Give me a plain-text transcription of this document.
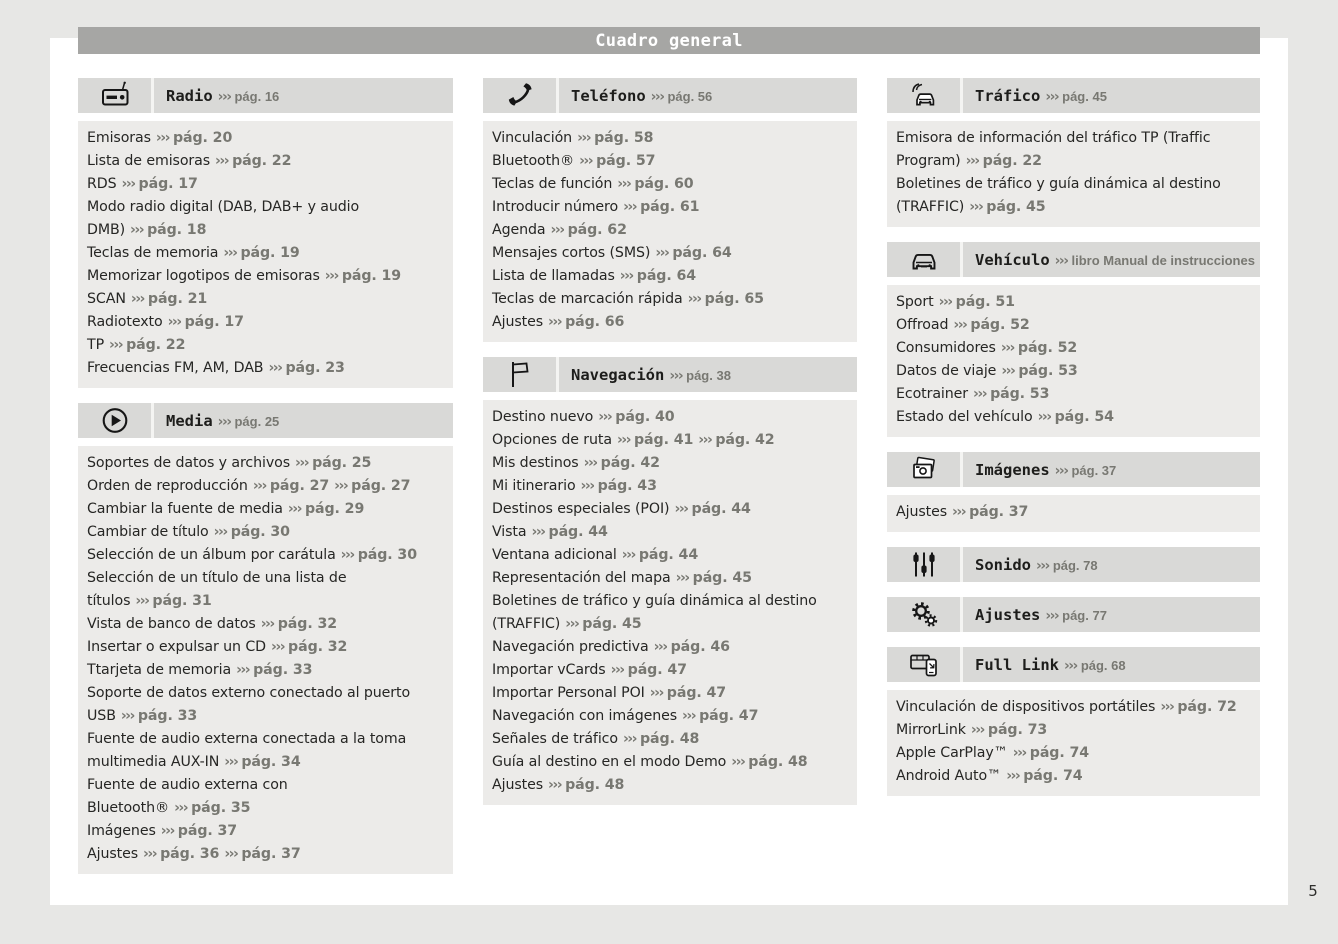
Cuadro general
Radio ››› pág. 16
Emisoras ››› pág. 20
Lista de emisoras ››› pág. 22
RDS ››› pág. 17
Modo radio digital (DAB, DAB+ y audio DMB) ››› pág. 18
Teclas de memoria ››› pág. 19
Memorizar logotipos de emisoras ››› pág. 19
SCAN ››› pág. 21
Radiotexto ››› pág. 17
TP ››› pág. 22
Frecuencias FM, AM, DAB ››› pág. 23
Media ››› pág. 25
Soportes de datos y archivos ››› pág. 25
Orden de reproducción ››› pág. 27 ››› pág. 27
Cambiar la fuente de media ››› pág. 29
Cambiar de título ››› pág. 30
Selección de un álbum por carátula ››› pág. 30
Selección de un título de una lista de títulos ››› pág. 31
Vista de banco de datos ››› pág. 32
Insertar o expulsar un CD ››› pág. 32
Ttarjeta de memoria ››› pág. 33
Soporte de datos externo conectado al puerto USB ››› pág. 33
Fuente de audio externa conectada a la toma multimedia AUX-IN ››› pág. 34
Fuente de audio externa con Bluetooth® ››› pág. 35
Imágenes ››› pág. 37
Ajustes ››› pág. 36 ››› pág. 37
Teléfono ››› pág. 56
Vinculación ››› pág. 58
Bluetooth® ››› pág. 57
Teclas de función ››› pág. 60
Introducir número ››› pág. 61
Agenda ››› pág. 62
Mensajes cortos (SMS) ››› pág. 64
Lista de llamadas ››› pág. 64
Teclas de marcación rápida ››› pág. 65
Ajustes ››› pág. 66
Navegación ››› pág. 38
Destino nuevo ››› pág. 40
Opciones de ruta ››› pág. 41 ››› pág. 42
Mis destinos ››› pág. 42
Mi itinerario ››› pág. 43
Destinos especiales (POI) ››› pág. 44
Vista ››› pág. 44
Ventana adicional ››› pág. 44
Representación del mapa ››› pág. 45
Boletines de tráfico y guía dinámica al destino (TRAFFIC) ››› pág. 45
Navegación predictiva ››› pág. 46
Importar vCards ››› pág. 47
Importar Personal POI ››› pág. 47
Navegación con imágenes ››› pág. 47
Señales de tráfico ››› pág. 48
Guía al destino en el modo Demo ››› pág. 48
Ajustes ››› pág. 48
Tráfico ››› pág. 45
Emisora de información del tráfico TP (Traffic Program) ››› pág. 22
Boletines de tráfico y guía dinámica al destino (TRAFFIC) ››› pág. 45
Vehículo ››› libro Manual de instrucciones
Sport ››› pág. 51
Offroad ››› pág. 52
Consumidores ››› pág. 52
Datos de viaje ››› pág. 53
Ecotrainer ››› pág. 53
Estado del vehículo ››› pág. 54
Imágenes ››› pág. 37
Ajustes ››› pág. 37
Sonido ››› pág. 78
Ajustes ››› pág. 77
Full Link ››› pág. 68
Vinculación de dispositivos portátiles ››› pág. 72
MirrorLink ››› pág. 73
Apple CarPlay™ ››› pág. 74
Android Auto™ ››› pág. 74
5
